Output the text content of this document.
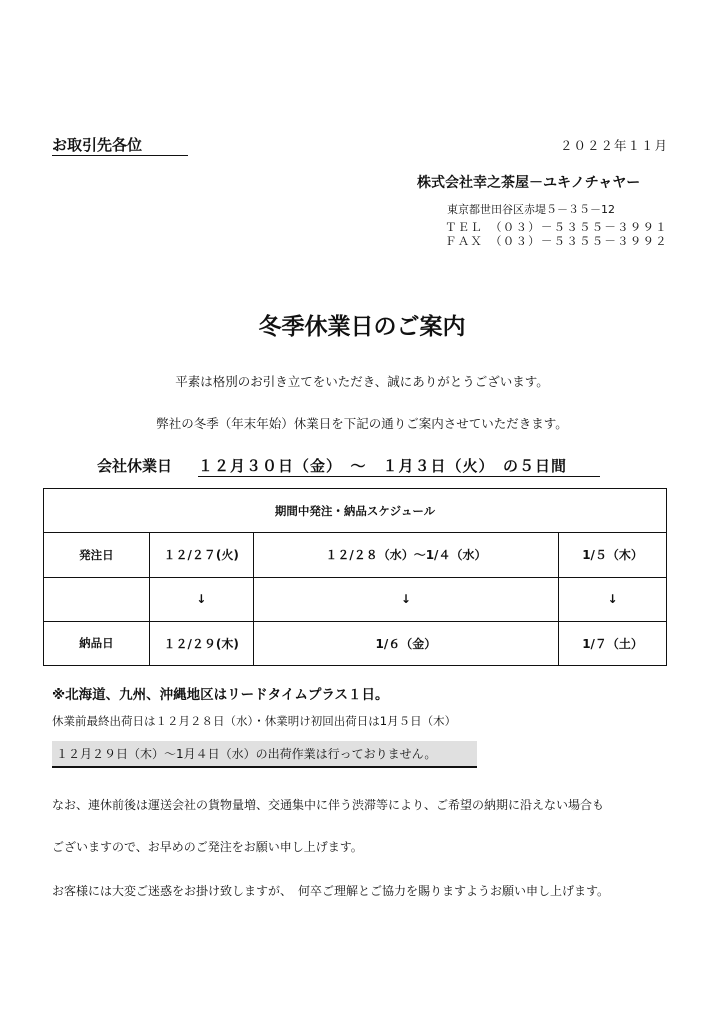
お取引先各位	２０２２年１１月
株式会社幸之茶屋－ユキノチャヤー
東京都世田谷区赤堤５－３５－12
ＴＥＬ　（０３）－５３５５－３９９１
ＦＡＸ　（０３）－５３５５－３９９２
冬季休業日のご案内
平素は格別のお引き立てをいただき、誠にありがとうございます。
弊社の冬季（年末年始）休業日を下記の通りご案内させていただきます。
会社休業日 １２月３０日（金）　～　１月３日（火）　の５日間
期間中発注・納品スケジュール			
発注日	１２/２７(火)	１２/２８（水）～1/４（水）	1/５（木）
	↓	↓	↓
納品日	１２/２９(木)	1/６（金）	1/７（土）
※北海道、九州、沖縄地区はリードタイムプラス１日。
休業前最終出荷日は１２月２８日（水）・休業明け初回出荷日は1月５日（木）
１２月２９日（木）～1月４日（水）の出荷作業は行っておりません。
なお、連休前後は運送会社の貨物量増、交通集中に伴う渋滞等により、ご希望の納期に沿えない場合も
ございますので、お早めのご発注をお願い申し上げます。
お客様には大変ご迷惑をお掛け致しますが、　何卒ご理解とご協力を賜りますようお願い申し上げます。
